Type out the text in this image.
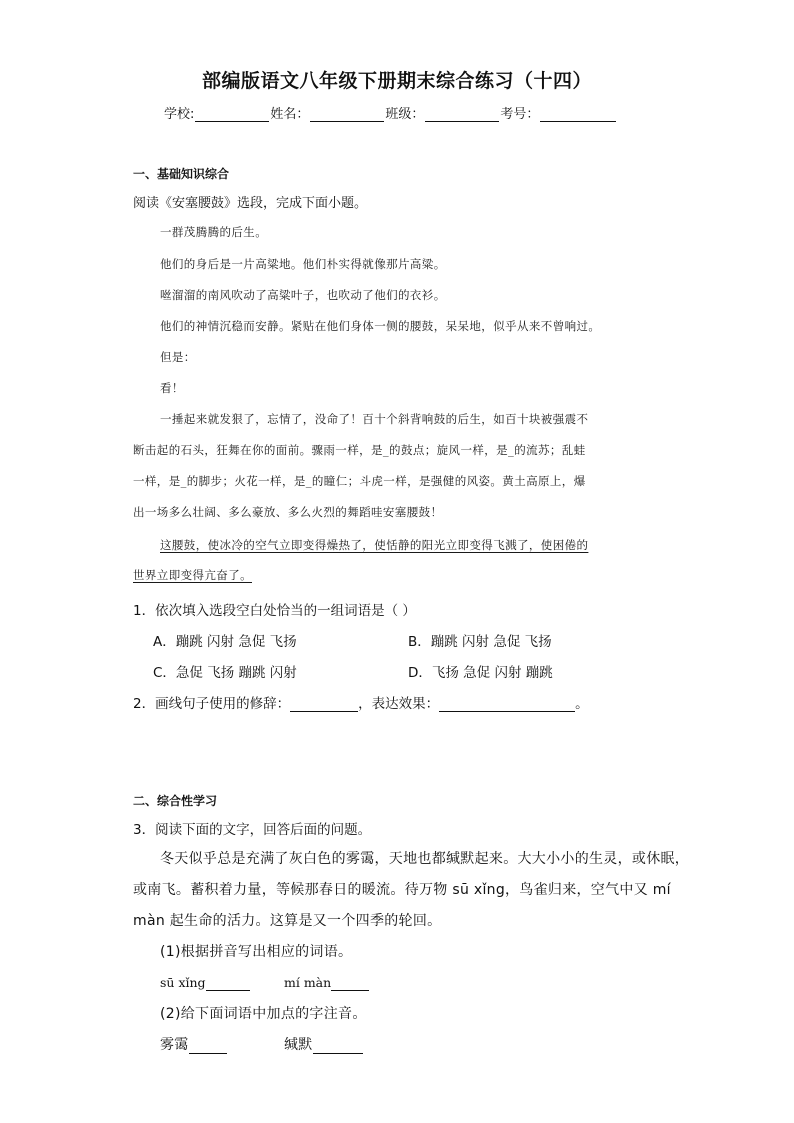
部编版语文八年级下册期末综合练习（十四）
学校:	姓名：	班级：	考号：
一、基础知识综合
阅读《安塞腰鼓》选段，完成下面小题。
一群茂腾腾的后生。
他们的身后是一片高粱地。他们朴实得就像那片高粱。
咝溜溜的南风吹动了高粱叶子，也吹动了他们的衣衫。
他们的神情沉稳而安静。紧贴在他们身体一侧的腰鼓，呆呆地，似乎从来不曾响过。
但是：
看！
一捶起来就发狠了，忘情了，没命了！百十个斜背响鼓的后生，如百十块被强震不
断击起的石头，狂舞在你的面前。骤雨一样，是_的鼓点；旋风一样，是_的流苏；乱蛙
一样，是_的脚步；火花一样，是_的瞳仁；斗虎一样，是强健的风姿。黄土高原上，爆
出一场多么壮阔、多么豪放、多么火烈的舞蹈哇安塞腰鼓！
这腰鼓，使冰冷的空气立即变得燥热了，使恬静的阳光立即变得飞溅了，使困倦的
世界立即变得亢奋了。
1．依次填入选段空白处恰当的一组词语是（ ）
A．蹦跳 闪射 急促 飞扬	B．蹦跳 闪射 急促 飞扬
C．急促 飞扬 蹦跳 闪射	D．飞扬 急促 闪射 蹦跳
2．画线句子使用的修辞：	，表达效果：	。
二、综合性学习
3．阅读下面的文字，回答后面的问题。
冬天似乎总是充满了灰白色的雾霭，天地也都缄默起来。大大小小的生灵，或休眠，
或南飞。蓄积着力量，等候那春日的暖流。待万物 sū xǐng，鸟雀归来，空气中又 mí
màn 起生命的活力。这算是又一个四季的轮回。
(1)根据拼音写出相应的词语。
sū xǐng	mí màn
(2)给下面词语中加点的字注音。
雾霭	缄默
